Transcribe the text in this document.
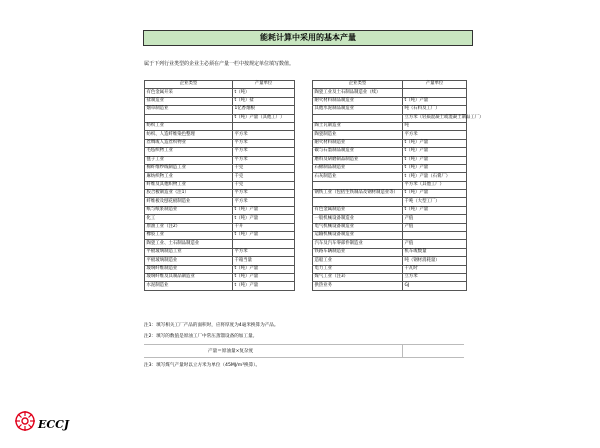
能耗计算中采用的基本产量
属于下列行业类型的企业主必须在产量一栏中按规定单位填写数值。
企业类型	产量单位
有色金属开采	t（吨）
盐制造业	t（吨）盐
烟草制造业	1亿香烟根
	t（吨）产量（其他工厂）
纺织工业	
纺织、人造纤维染色整理	平方米
丝绸或人造丝织物业	平方米
毛毡织物工业	平方米
毯子工业	平方米
棉纤维纱线制造工业	千克
麻纺织物工业	千克
纤维及其他织物工业	千克
胶合板制造业（注1）	平方米
纤维板及刨花板制造业	平方米
纸与纸浆制造业	t（吨）产量
化工	t（吨）产量
原油工业（注2）	千升
橡胶工业	t（吨）产量
陶瓷工业、土石制品制造业	
平板玻璃制造工业	平方米
平板玻璃制造业	千箱当量
玻璃纤维制造业	t（吨）产量
玻璃纤维及其制品制造业	t（吨）产量
水泥制造业	t（吨）产量
企业类型	产量单位
陶瓷工业及土石制品制造业（续）	
耐火材料制品制造业	t（吨）产量
其他水泥制品制造业	吨（石料及工厂）
	立方米（轻质混凝土或混凝土制品工厂）
陶土瓦制造业	吨
陶瓷制造业	平方米
耐火材料制造业	t（吨）产量
碳与石墨制品制造业	t（吨）产量
磨料及研磨制品制造业	t（吨）产量
石棉制品制造业	t（吨）产量
石灰制造业	t（吨）产量（石膏厂）
	平方米（其他工厂）
钢铁工业（包括生铁制品及钢材制造业等）	t（吨）产量
	千吨（大型工厂）
有色金属制造业	t（吨）产量
一般机械设备制造业	产值
电气机械设备制造业	产值
运输机械设备制造业	
汽车及汽车零部件制造业	产值
铁路车辆制造业	机车或数量
造船工业	吨（钢材消耗量）
电力工业	千瓦时
煤气工业（注3）	立方米
供热业务	GJ
注1：填写相关工厂产品的面积时，应将厚度为4毫米换算为产品。
注2：填写的数值是原油工厂中常压蒸馏设备的加工量。
产量＝原油量×复杂度
注3：填写煤气产量时以立方米为单位（45MJ/m³换算）。
ECCJ
